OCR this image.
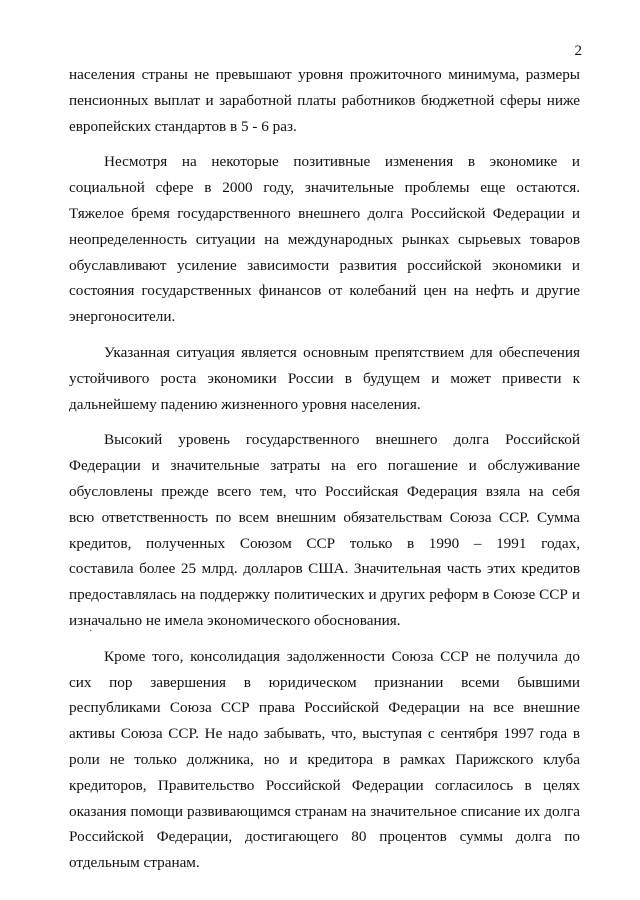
2
·

населения страны не превышают уровня прожиточного минимума, размеры
пенсионных выплат и заработной платы работников бюджетной сферы ниже
европейских стандартов в 5 - 6 раз.

Несмотря на некоторые позитивные изменения в экономике и
социальной сфере в 2000 году, значительные проблемы еще остаются.
Тяжелое бремя государственного внешнего долга Российской Федерации и
неопределенность ситуации на международных рынках сырьевых товаров
обуславливают усиление зависимости развития российской экономики и
состояния государственных финансов от колебаний цен на нефть и другие
энергоносители.

Указанная ситуация является основным препятствием для обеспечения
устойчивого роста экономики России в будущем и может привести к
дальнейшему падению жизненного уровня населения.

Высокий уровень государственного внешнего долга Российской
Федерации и значительные затраты на его погашение и обслуживание
обусловлены прежде всего тем, что Российская Федерация взяла на себя
всю ответственность по всем внешним обязательствам Союза ССР. Сумма
кредитов, полученных Союзом ССР только в 1990 – 1991 годах,
составила более 25 млрд. долларов США. Значительная часть этих кредитов
предоставлялась на поддержку политических и других реформ в Союзе ССР и
изначально не имела экономического обоснования.

Кроме того, консолидация задолженности Союза ССР не получила до
сих пор завершения в юридическом признании всеми бывшими
республиками Союза ССР права Российской Федерации на все внешние
активы Союза ССР. Не надо забывать, что, выступая с сентября 1997 года в
роли не только должника, но и кредитора в рамках Парижского клуба
кредиторов, Правительство Российской Федерации согласилось в целях
оказания помощи развивающимся странам на значительное списание их долга
Российской Федерации, достигающего 80 процентов суммы долга по
отдельным странам.
